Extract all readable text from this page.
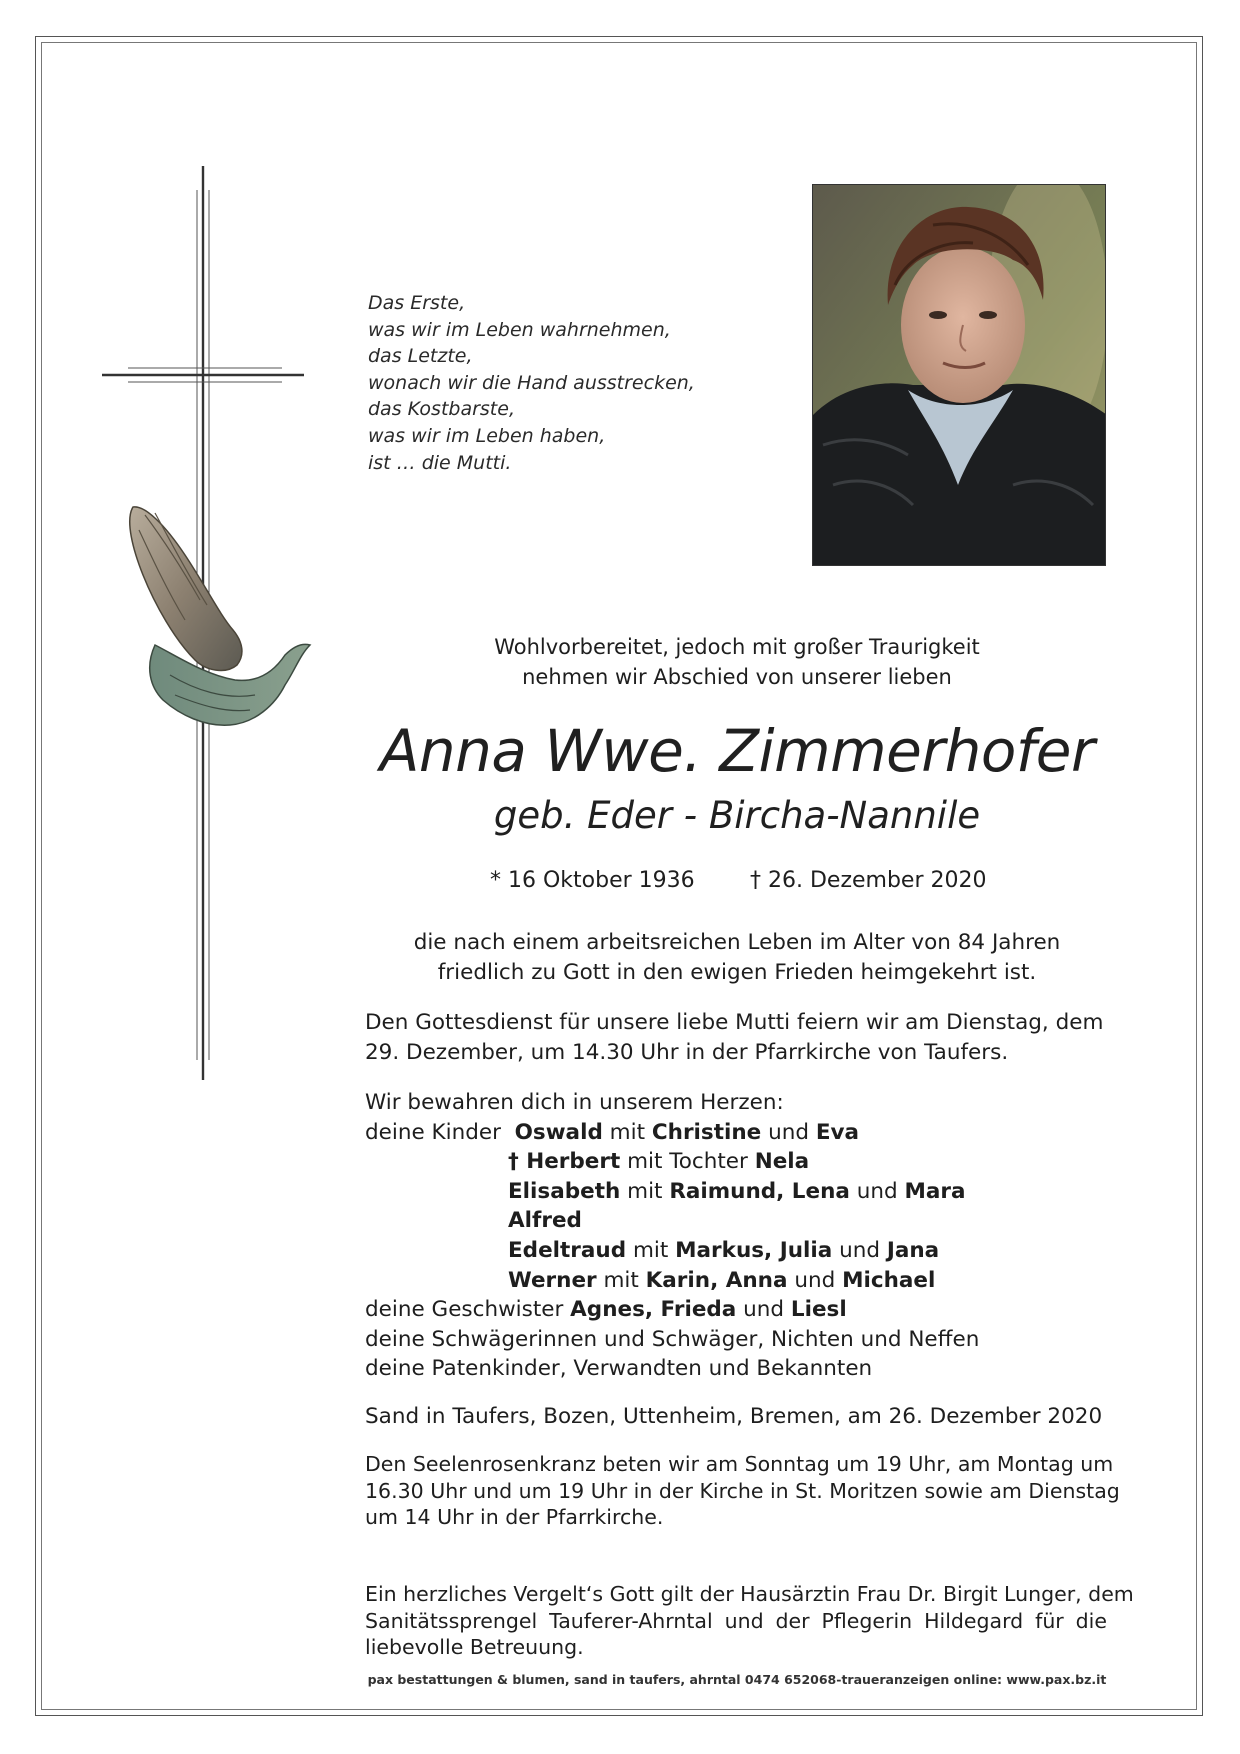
Das Erste,
was wir im Leben wahrnehmen,
das Letzte,
wonach wir die Hand ausstrecken,
das Kostbarste,
was wir im Leben haben,
ist … die Mutti.
Wohlvorbereitet, jedoch mit großer Traurigkeit
nehmen wir Abschied von unserer lieben
Anna Wwe. Zimmerhofer
geb. Eder - Bircha-Nannile
* 16 Oktober 1936	† 26. Dezember 2020
die nach einem arbeitsreichen Leben im Alter von 84 Jahren
friedlich zu Gott in den ewigen Frieden heimgekehrt ist.
Den Gottesdienst für unsere liebe Mutti feiern wir am Dienstag, dem
29. Dezember, um 14.30 Uhr in der Pfarrkirche von Taufers.
Wir bewahren dich in unserem Herzen:
deine Kinder Oswald mit Christine und Eva
† Herbert mit Tochter Nela
Elisabeth mit Raimund, Lena und Mara
Alfred
Edeltraud mit Markus, Julia und Jana
Werner mit Karin, Anna und Michael
deine Geschwister Agnes, Frieda und Liesl
deine Schwägerinnen und Schwäger, Nichten und Neffen
deine Patenkinder, Verwandten und Bekannten
Sand in Taufers, Bozen, Uttenheim, Bremen, am 26. Dezember 2020
Den Seelenrosenkranz beten wir am Sonntag um 19 Uhr, am Montag um
16.30 Uhr und um 19 Uhr in der Kirche in St. Moritzen sowie am Dienstag
um 14 Uhr in der Pfarrkirche.
Ein herzliches Vergelt‘s Gott gilt der Hausärztin Frau Dr. Birgit Lunger, dem
Sanitätssprengel Tauferer-Ahrntal und der Pflegerin Hildegard für die
liebevolle Betreuung.
pax bestattungen & blumen, sand in taufers, ahrntal 0474 652068-traueranzeigen online: www.pax.bz.it
